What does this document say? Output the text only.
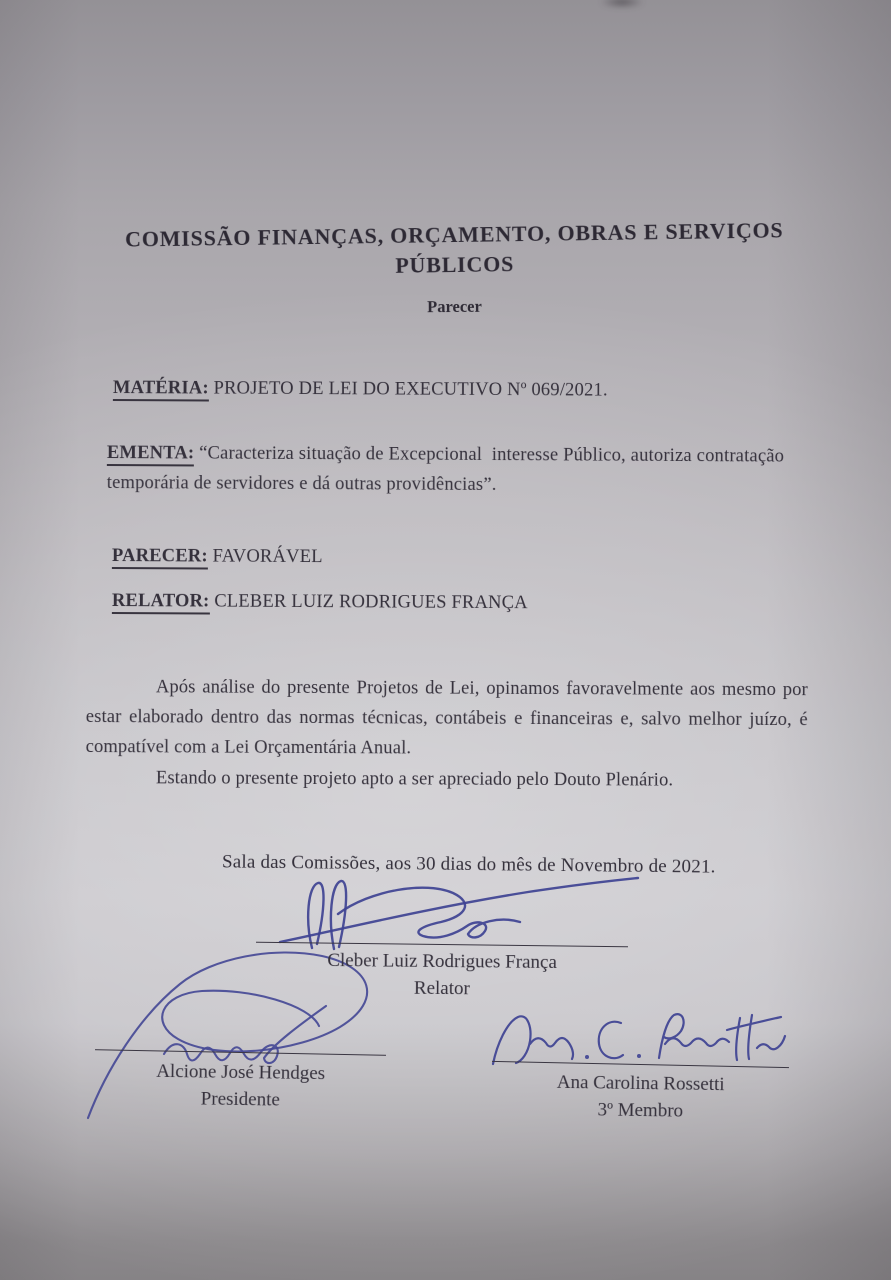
COMISSÃO FINANÇAS, ORÇAMENTO, OBRAS E SERVIÇOS
PÚBLICOS
Parecer
MATÉRIA: PROJETO DE LEI DO EXECUTIVO Nº 069/2021.
EMENTA: “Caracteriza situação de Excepcional  interesse Público, autoriza contratação temporária de servidores e dá outras providências”.
PARECER: FAVORÁVEL
RELATOR: CLEBER LUIZ RODRIGUES FRANÇA
Após análise do presente Projetos de Lei, opinamos favoravelmente aos mesmo por estar elaborado dentro das normas técnicas, contábeis e financeiras e, salvo melhor juízo, é compatível com a Lei Orçamentária Anual.
Estando o presente projeto apto a ser apreciado pelo Douto Plenário.
Sala das Comissões, aos 30 dias do mês de Novembro de 2021.
Cleber Luiz Rodrigues França
Relator
Alcione José Hendges
Presidente
Ana Carolina Rossetti
3º Membro
